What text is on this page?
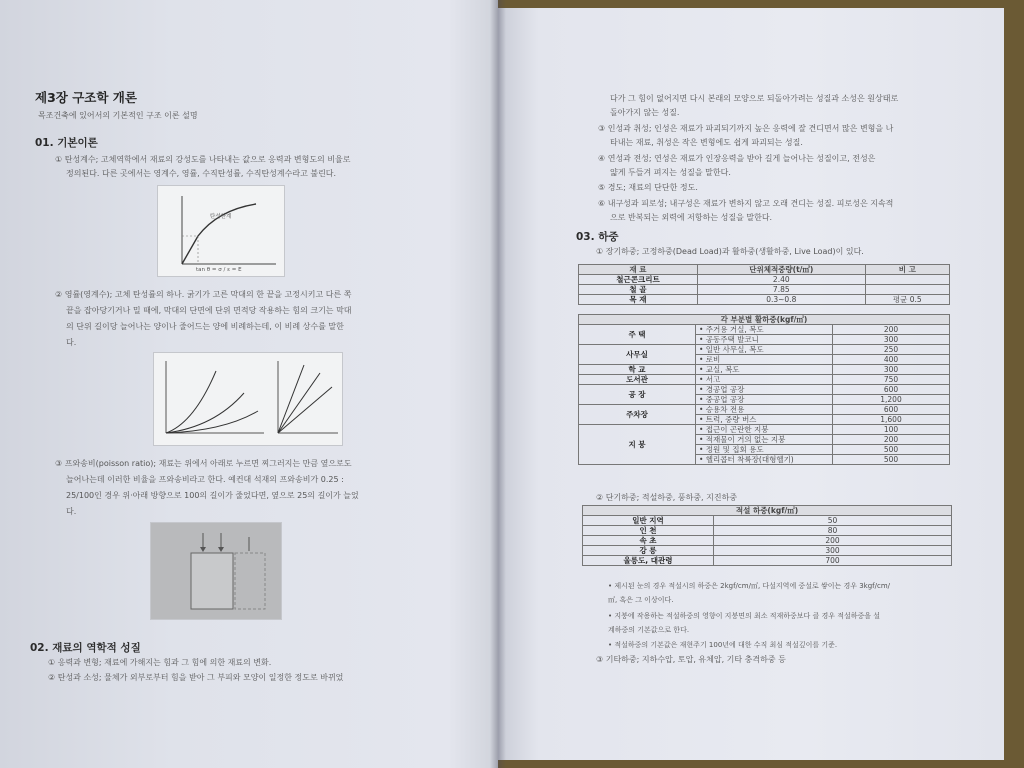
제3장 구조학 개론
목조건축에 있어서의 기본적인 구조 이론 설명
01. 기본이론
① 탄성계수; 고체역학에서 재료의 강성도를 나타내는 값으로 응력과 변형도의 비율로
정의된다. 다른 곳에서는 영계수, 영률, 수직탄성률, 수직탄성계수라고 불린다.
탄성한계
tan θ = σ / ε = E
② 영률(영계수); 고체 탄성률의 하나. 굵기가 고른 막대의 한 끝을 고정시키고 다른 쪽
끝을 잡아당기거나 밀 때에, 막대의 단면에 단위 면적당 작용하는 힘의 크기는 막대
의 단위 길이당 늘어나는 양이나 줄어드는 양에 비례하는데, 이 비례 상수를 말한
다.
③ 프와송비(poisson ratio); 재료는 위에서 아래로 누르면 찌그러지는 만큼 옆으로도
늘어나는데 이러한 비율을 프와송비라고 한다. 예컨대 석재의 프와송비가 0.25 :
25/100인 경우 위·아래 방향으로 100의 길이가 줄었다면, 옆으로 25의 길이가 늘었
다.
02. 재료의 역학적 성질
① 응력과 변형; 재료에 가해지는 힘과 그 힘에 의한 재료의 변화.
② 탄성과 소성; 물체가 외부로부터 힘을 받아 그 부피와 모양이 일정한 정도로 바뀌었
다가 그 힘이 없어지면 다시 본래의 모양으로 되돌아가려는 성질과 소성은 원상태로
돌아가지 않는 성질.
③ 인성과 취성; 인성은 재료가 파괴되기까지 높은 응력에 잘 견디면서 많은 변형을 나
타내는 재료, 취성은 작은 변형에도 쉽게 파괴되는 성질.
④ 연성과 전성; 연성은 재료가 인장응력을 받아 길게 늘어나는 성질이고, 전성은
얇게 두들겨 펴지는 성질을 말한다.
⑤ 경도; 재료의 단단한 정도.
⑥ 내구성과 피로성; 내구성은 재료가 변하지 않고 오래 견디는 성질. 피로성은 지속적
으로 반복되는 외력에 저항하는 성질을 말한다.
03. 하중
① 장기하중; 고정하중(Dead Load)과 활하중(생활하중, Live Load)이 있다.
재 료	단위체적중량(t/㎥)	비 고
철근콘크리트	2.40	
철 골	7.85	
목 재	0.3~0.8	평균 0.5
각 부분별 활하중(kgf/㎡)		
주 택	• 주거용 거실, 복도	200
	• 공동주택 발코니	300
사무실	• 일반 사무실, 복도	250
	• 로비	400
학 교	• 교실, 복도	300
도서관	• 서고	750
공 장	• 경공업 공장	600
	• 중공업 공장	1,200
주차장	• 승용차 전용	600
	• 트럭, 중량 버스	1,600
지 붕	• 접근이 곤란한 지붕	100
	• 적재물이 거의 없는 지붕	200
	• 정원 및 집회 용도	500
	• 헬리콥터 착륙장(대형헬기)	500
② 단기하중; 적설하중, 풍하중, 지진하중
적설 하중(kgf/㎡)	
일반 지역	50
인 천	80
속 초	200
강 릉	300
울릉도, 대관령	700
• 제시된 눈의 경우 적설시의 하중은 2kgf/cm/㎡, 다설지역에 중설로 쌓이는 경우 3kgf/cm/
㎡, 혹은 그 이상이다.
• 지붕에 작용하는 적설하중의 영향이 지붕면의 최소 적재하중보다 클 경우 적설하중을 설
계하중의 기본값으로 한다.
• 적설하중의 기본값은 재현주기 100년에 대한 수직 최심 적설깊이를 기준.
③ 기타하중; 지하수압, 토압, 유체압, 기타 충격하중 등
